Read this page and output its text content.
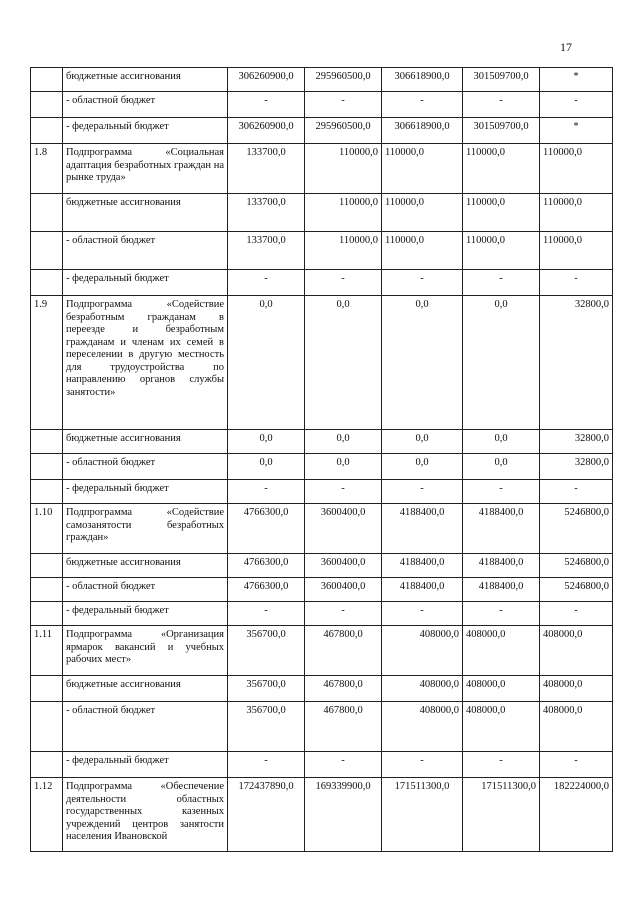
17
	бюджетные ассигнования	306260900,0	295960500,0	306618900,0	301509700,0	*
	- областной бюджет	-	-	-	-	-
	- федеральный бюджет	306260900,0	295960500,0	306618900,0	301509700,0	*
1.8	Подпрограмма «Социальная адаптация безработных граждан на рынке труда»	133700,0	110000,0	110000,0	110000,0	110000,0
	бюджетные ассигнования	133700,0	110000,0	110000,0	110000,0	110000,0
	- областной бюджет	133700,0	110000,0	110000,0	110000,0	110000,0
	- федеральный бюджет	-	-	-	-	-
1.9	Подпрограмма «Содействие безработным гражданам в переезде и безработным гражданам и членам их семей в переселении в другую местность для трудоустройства по направлению органов службы занятости»	0,0	0,0	0,0	0,0	32800,0
	бюджетные ассигнования	0,0	0,0	0,0	0,0	32800,0
	- областной бюджет	0,0	0,0	0,0	0,0	32800,0
	- федеральный бюджет	-	-	-	-	-
1.10	Подпрограмма «Содействие самозанятости безработных граждан»	4766300,0	3600400,0	4188400,0	4188400,0	5246800,0
	бюджетные ассигнования	4766300,0	3600400,0	4188400,0	4188400,0	5246800,0
	- областной бюджет	4766300,0	3600400,0	4188400,0	4188400,0	5246800,0
	- федеральный бюджет	-	-	-	-	-
1.11	Подпрограмма «Организация ярмарок вакансий и учебных рабочих мест»	356700,0	467800,0	408000,0	408000,0	408000,0
	бюджетные ассигнования	356700,0	467800,0	408000,0	408000,0	408000,0
	- областной бюджет	356700,0	467800,0	408000,0	408000,0	408000,0
	- федеральный бюджет	-	-	-	-	-
1.12	Подпрограмма «Обеспечение деятельности областных государственных казенных учреждений центров занятости населения Ивановской	172437890,0	169339900,0	171511300,0	171511300,0	182224000,0
